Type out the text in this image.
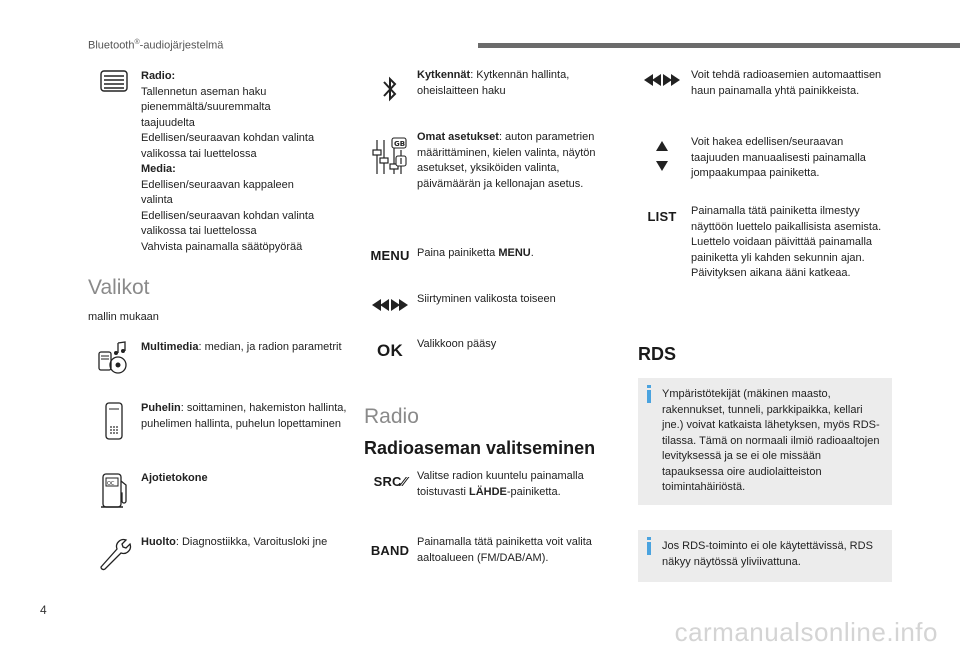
Bluetooth®-audiojärjestelmä
Radio:
Tallennetun aseman haku
pienemmältä/suuremmalta
taajuudelta
Edellisen/seuraavan kohdan valinta
valikossa tai luettelossa
Media:
Edellisen/seuraavan kappaleen
valinta
Edellisen/seuraavan kohdan valinta
valikossa tai luettelossa
Vahvista painamalla säätöpyörää
Valikot
mallin mukaan
Multimedia: median, ja radion parametrit
Puhelin: soittaminen, hakemiston hallinta, puhelimen hallinta, puhelun lopettaminen
OC Ajotietokone
Huolto: Diagnostiikka, Varoitusloki jne
Kytkennät: Kytkennän hallinta, oheislaitteen haku
GB
Omat asetukset: auton parametrien määrittäminen, kielen valinta, näytön asetukset, yksiköiden valinta, päivämäärän ja kellonajan asetus.
MENU Paina painiketta MENU.
Siirtyminen valikosta toiseen
OK Valikkoon pääsy
Radio
Radioaseman valitseminen
SRC⁄⁄ Valitse radion kuuntelu painamalla toistuvasti LÄHDE-painiketta.
BAND
Painamalla tätä painiketta voit valita aaltoalueen (FM/DAB/AM).
Voit tehdä radioasemien automaattisen haun painamalla yhtä painikkeista.
Voit hakea edellisen/seuraavan taajuuden manuaalisesti painamalla jompaakumpaa painiketta.
LIST Painamalla tätä painiketta ilmestyy näyttöön luettelo paikallisista asemista. Luettelo voidaan päivittää painamalla painiketta yli kahden sekunnin ajan. Päivityksen aikana ääni katkeaa.
RDS
Ympäristötekijät (mäkinen maasto, rakennukset, tunneli, parkkipaikka, kellari jne.) voivat katkaista lähetyksen, myös RDS-tilassa. Tämä on normaali ilmiö radioaaltojen levityksessä ja se ei ole missään tapauksessa oire audiolaitteiston toimintahäiriöstä.
Jos RDS-toiminto ei ole käytettävissä, RDS näkyy näytössä yliviivattuna.
4
carmanualsonline.info
